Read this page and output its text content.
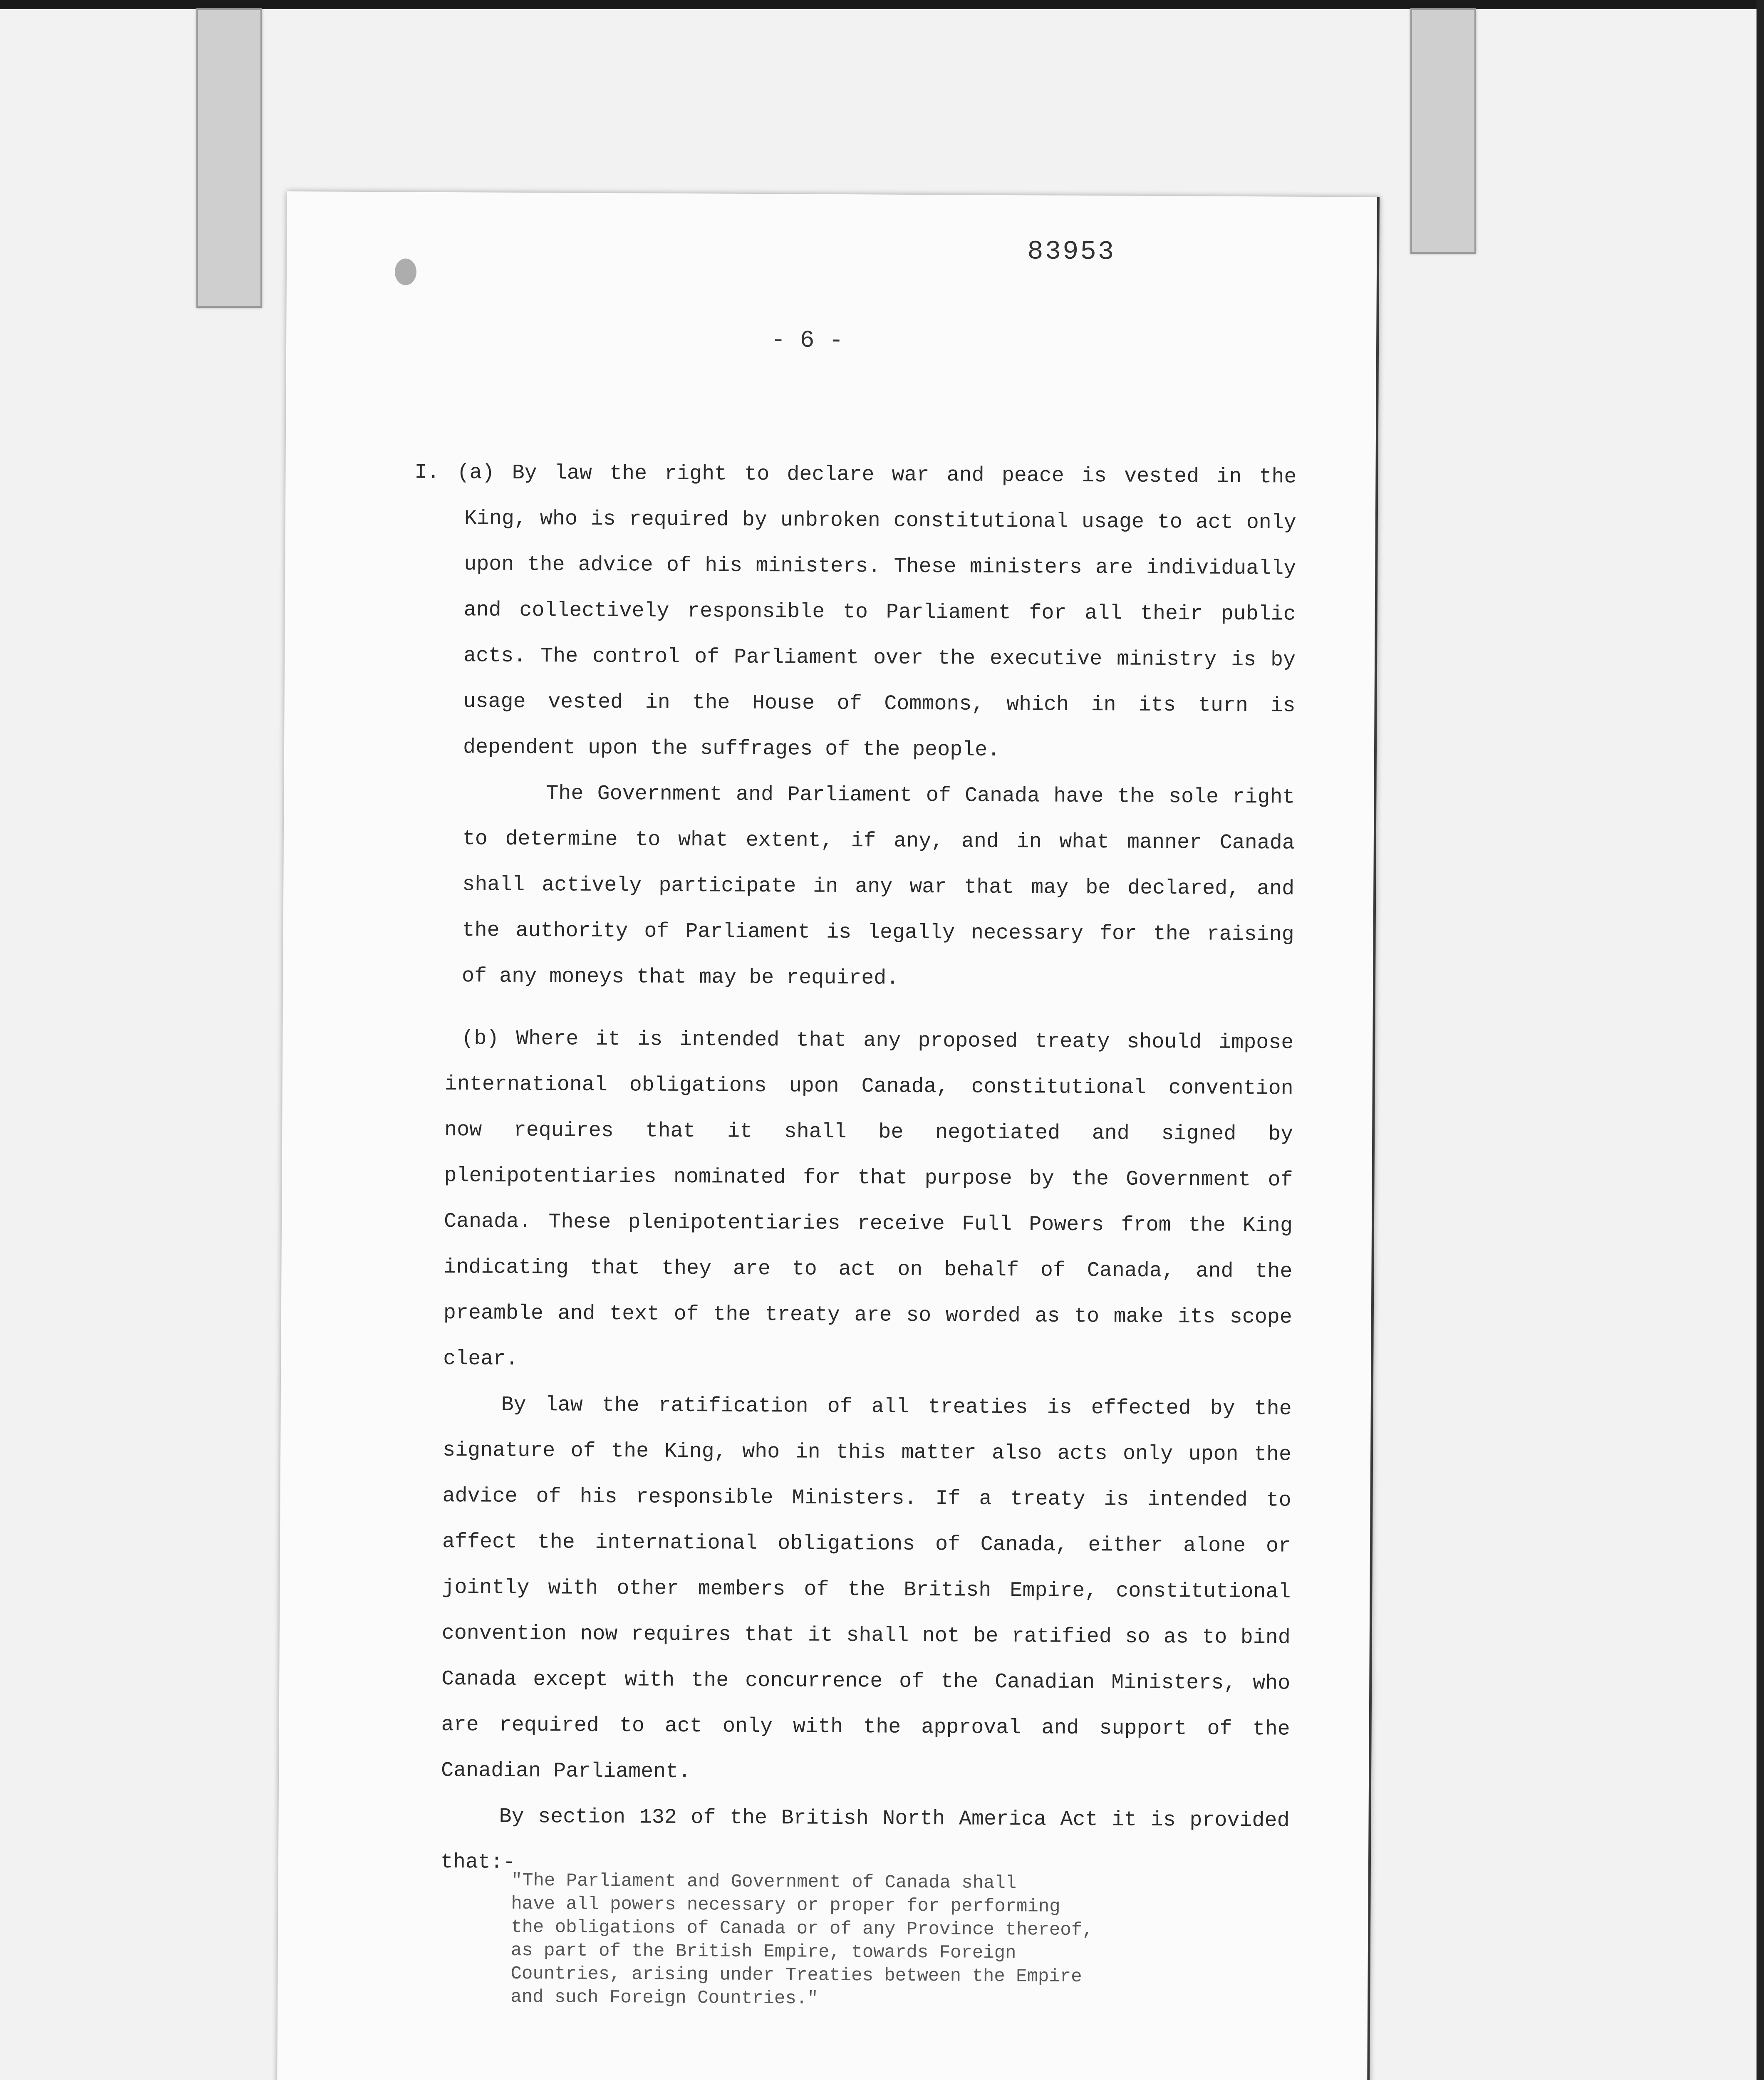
83953
- 6 -

I. (a) By law the right to declare war and peace is vested in the King, who is required by unbroken constitutional usage to act only upon the advice of his ministers. These ministers are individually and collectively responsible to Parliament for all their public acts. The control of Parliament over the executive ministry is by usage vested in the House of Commons, which in its turn is dependent upon the suffrages of the people.

The Government and Parliament of Canada have the sole right to determine to what extent, if any, and in what manner Canada shall actively participate in any war that may be declared, and the authority of Parliament is legally necessary for the raising of any moneys that may be required.

(b) Where it is intended that any proposed treaty should impose international obligations upon Canada, constitutional convention now requires that it shall be negotiated and signed by plenipotentiaries nominated for that purpose by the Government of Canada. These plenipotentiaries receive Full Powers from the King indicating that they are to act on behalf of Canada, and the preamble and text of the treaty are so worded as to make its scope clear.

By law the ratification of all treaties is effected by the signature of the King, who in this matter also acts only upon the advice of his responsible Ministers. If a treaty is intended to affect the international obligations of Canada, either alone or jointly with other members of the British Empire, constitutional convention now requires that it shall not be ratified so as to bind Canada except with the concurrence of the Canadian Ministers, who are required to act only with the approval and support of the Canadian Parliament.

By section 132 of the British North America Act it is provided that:-

"The Parliament and Government of Canada shall
have all powers necessary or proper for performing
the obligations of Canada or of any Province thereof,
as part of the British Empire, towards Foreign
Countries, arising under Treaties between the Empire
and such Foreign Countries."
